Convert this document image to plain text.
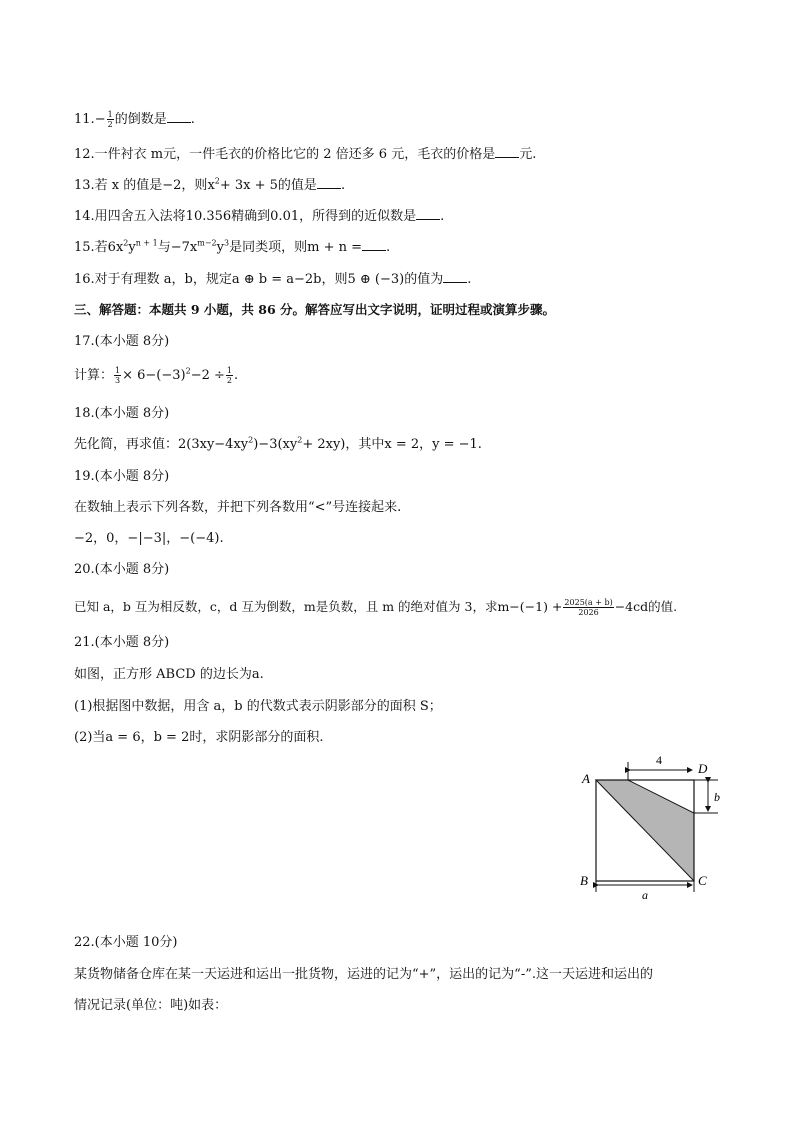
$11.- \frac{1}{2}$ 的倒数是 .
12.一件衬衣 m元，一件毛衣的价格比它的 2 倍还多 6 元，毛衣的价格是 元.
13.若 x 的值是−2，则$x^2+ 3x + 5$的值是 .
14.用四舍五入法将10.356精确到0.01，所得到的近似数是 .
15.若$6x^2y^{n + 1}$与$-7x^{m-2}y^3$是同类项，则m + n = .
16.对于有理数 a，b，规定a ⊕ b = a−2b，则5 ⊕ (−3)的值为 .
三、解答题：本题共 9 小题，共 86 分。解答应写出文字说明，证明过程或演算步骤。
17.(本小题 8分)
计算： $\frac{1}{3} \times 6-(-3)^2-2 \div \frac{1}{2}$ .
18.(本小题 8分)
先化简，再求值：$2(3xy-4xy^2)-3(xy^2+ 2xy)$，其中x = 2，y = −1.
19.(本小题 8分)
在数轴上表示下列各数，并把下列各数用“<”号连接起来.
−2，0，−|−3|，−(−4).
20.(本小题 8分)
已知 a，b 互为相反数，c，d 互为倒数，m是负数，且 m 的绝对值为 3，求$m-(-1) + \frac{2025(a + b)}{2026} -4cd$的值.
21.(本小题 8分)
如图，正方形 ABCD 的边长为a.
(1)根据图中数据，用含 a，b 的代数式表示阴影部分的面积 S；
(2)当a = 6，b = 2时，求阴影部分的面积.
4
b
a
A
D
B	C
22.(本小题 10分)
某货物储备仓库在某一天运进和运出一批货物，运进的记为“+”，运出的记为“-”.这一天运进和运出的
情况记录(单位：吨)如表：
